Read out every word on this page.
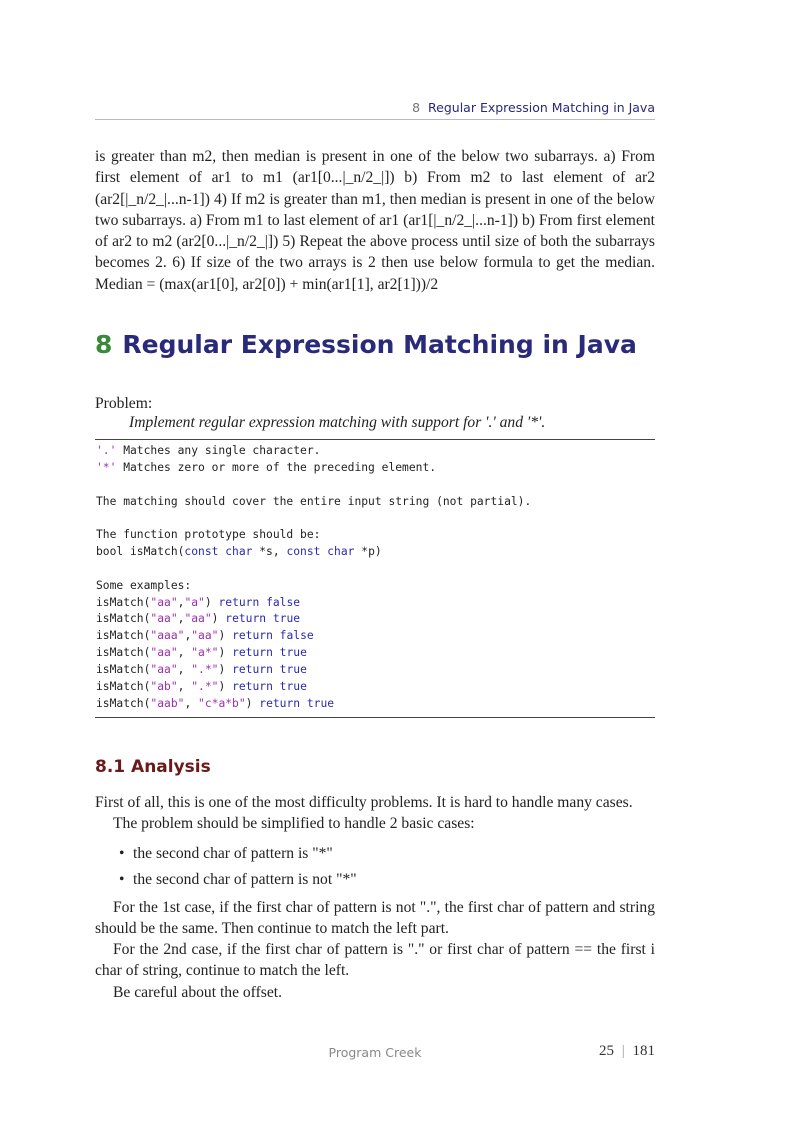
8 Regular Expression Matching in Java
is greater than m2, then median is present in one of the below two subarrays. a) From first element of ar1 to m1 (ar1[0...|_n/2_|]) b) From m2 to last element of ar2 (ar2[|_n/2_|...n-1]) 4) If m2 is greater than m1, then median is present in one of the below two subarrays. a) From m1 to last element of ar1 (ar1[|_n/2_|...n-1]) b) From first element of ar2 to m2 (ar2[0...|_n/2_|]) 5) Repeat the above process until size of both the subarrays becomes 2. 6) If size of the two arrays is 2 then use below formula to get the median. Median = (max(ar1[0], ar2[0]) + min(ar1[1], ar2[1]))/2
8 Regular Expression Matching in Java
Problem:
Implement regular expression matching with support for '.' and '*'.
'.' Matches any single character.
'*' Matches zero or more of the preceding element.

The matching should cover the entire input string (not partial).

The function prototype should be:
bool isMatch(const char *s, const char *p)

Some examples:
isMatch("aa","a") return false
isMatch("aa","aa") return true
isMatch("aaa","aa") return false
isMatch("aa", "a*") return true
isMatch("aa", ".*") return true
isMatch("ab", ".*") return true
isMatch("aab", "c*a*b") return true
8.1 Analysis

First of all, this is one of the most difficulty problems. It is hard to handle many cases.

The problem should be simplified to handle 2 basic cases:

• the second char of pattern is "*"
• the second char of pattern is not "*"

For the 1st case, if the first char of pattern is not ".", the first char of pattern and string should be the same. Then continue to match the left part.

For the 2nd case, if the first char of pattern is "." or first char of pattern == the first i char of string, continue to match the left.

Be careful about the offset.

Program Creek	25 | 181
